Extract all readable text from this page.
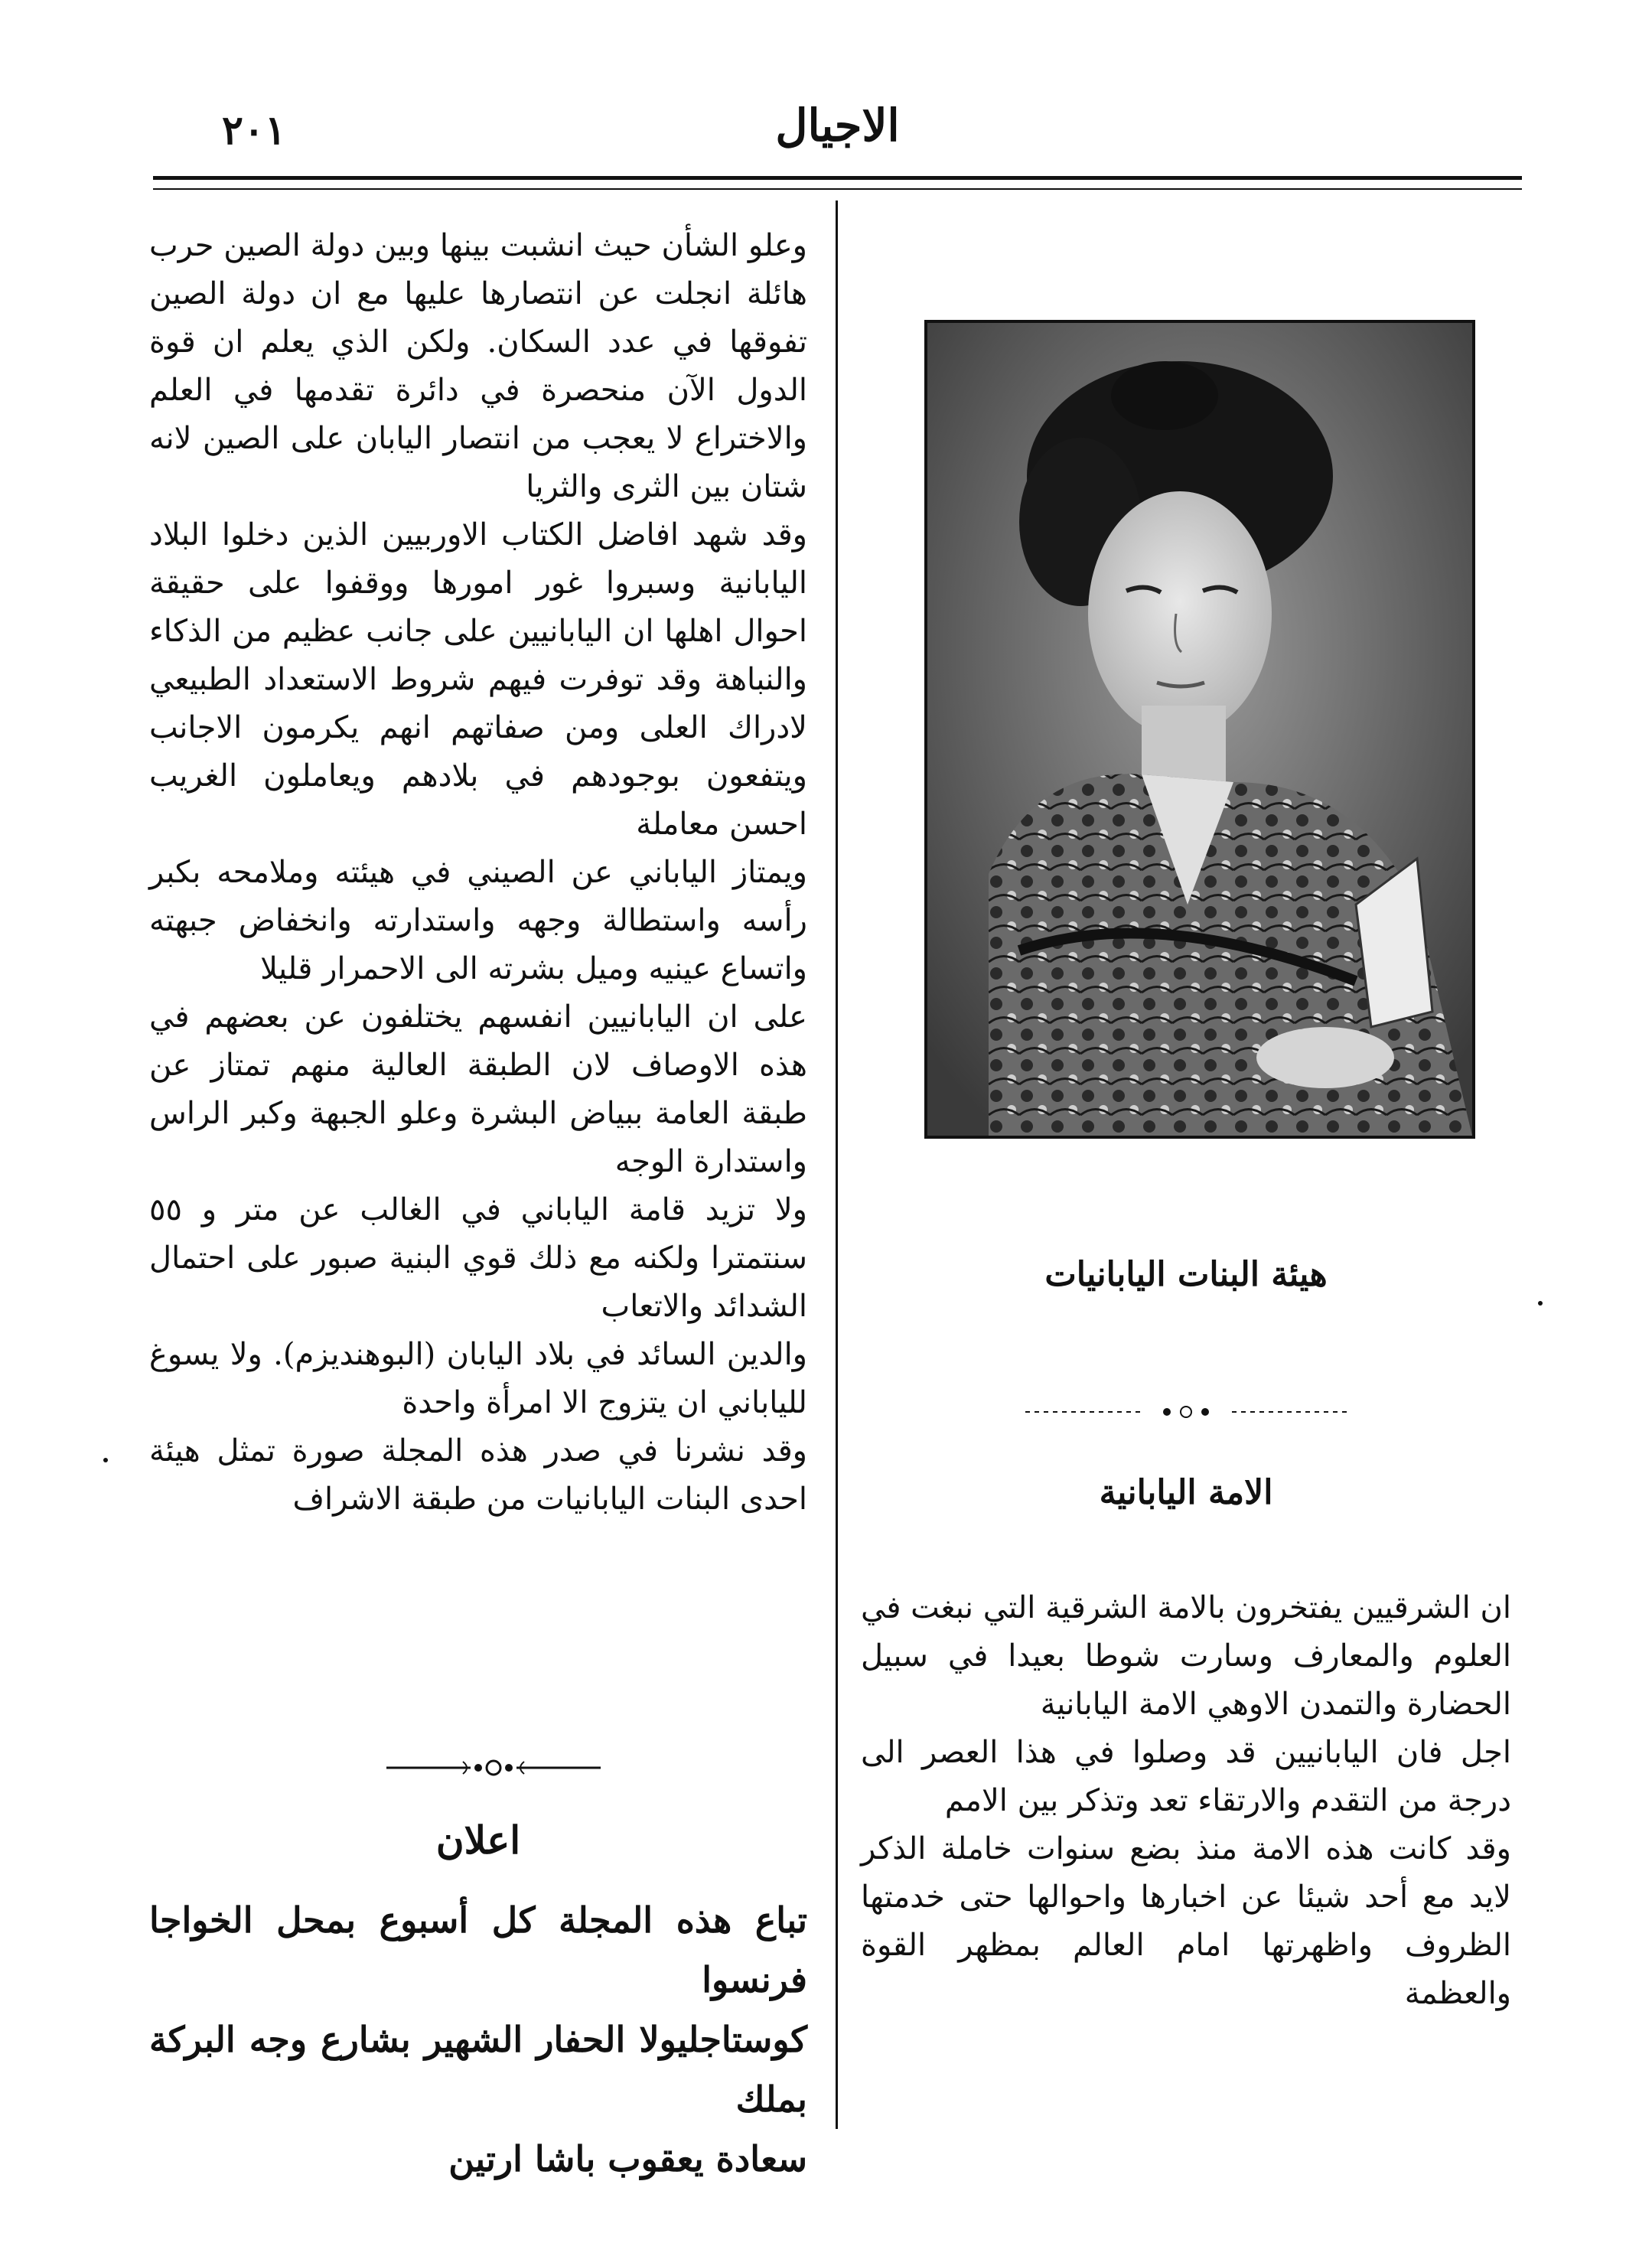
الاجيال
٢٠١

وعلو الشأن حيث انشبت بينها وبين دولة الصين حرب هائلة انجلت عن انتصارها عليها مع ان دولة الصين تفوقها في عدد السكان. ولكن الذي يعلم ان قوة الدول الآن منحصرة في دائرة تقدمها في العلم والاختراع لا يعجب من انتصار اليابان على الصين لانه شتان بين الثرى والثريا

وقد شهد افاضل الكتاب الاوربيين الذين دخلوا البلاد اليابانية وسبروا غور امورها ووقفوا على حقيقة احوال اهلها ان اليابانيين على جانب عظيم من الذكاء والنباهة وقد توفرت فيهم شروط الاستعداد الطبيعي لادراك العلى ومن صفاتهم انهم يكرمون الاجانب ويتفعون بوجودهم في بلادهم ويعاملون الغريب احسن معاملة

ويمتاز الياباني عن الصيني في هيئته وملامحه بكبر رأسه واستطالة وجهه واستدارته وانخفاض جبهته واتساع عينيه وميل بشرته الى الاحمرار قليلا

على ان اليابانيين انفسهم يختلفون عن بعضهم في هذه الاوصاف لان الطبقة العالية منهم تمتاز عن طبقة العامة ببياض البشرة وعلو الجبهة وكبر الراس واستدارة الوجه

ولا تزيد قامة الياباني في الغالب عن متر و ٥٥ سنتمترا ولكنه مع ذلك قوي البنية صبور على احتمال الشدائد والاتعاب

والدين السائد في بلاد اليابان (البوهنديزم). ولا يسوغ للياباني ان يتزوج الا امرأة واحدة

وقد نشرنا في صدر هذه المجلة صورة تمثل هيئة احدى البنات اليابانيات من طبقة الاشراف

اعلان

تباع هذه المجلة كل أسبوع بمحل الخواجا فرنسوا

كوستاجليولا الحفار الشهير بشارع وجه البركة بملك

سعادة يعقوب باشا ارتين

هيئة البنات اليابانيات
الامة اليابانية

ان الشرقيين يفتخرون بالامة الشرقية التي نبغت في العلوم والمعارف وسارت شوطا بعيدا في سبيل الحضارة والتمدن الاوهي الامة اليابانية

اجل فان اليابانيين قد وصلوا في هذا العصر الى درجة من التقدم والارتقاء تعد وتذكر بين الامم

وقد كانت هذه الامة منذ بضع سنوات خاملة الذكر لايد مع أحد شيئا عن اخبارها واحوالها حتى خدمتها الظروف واظهرتها امام العالم بمظهر القوة والعظمة
